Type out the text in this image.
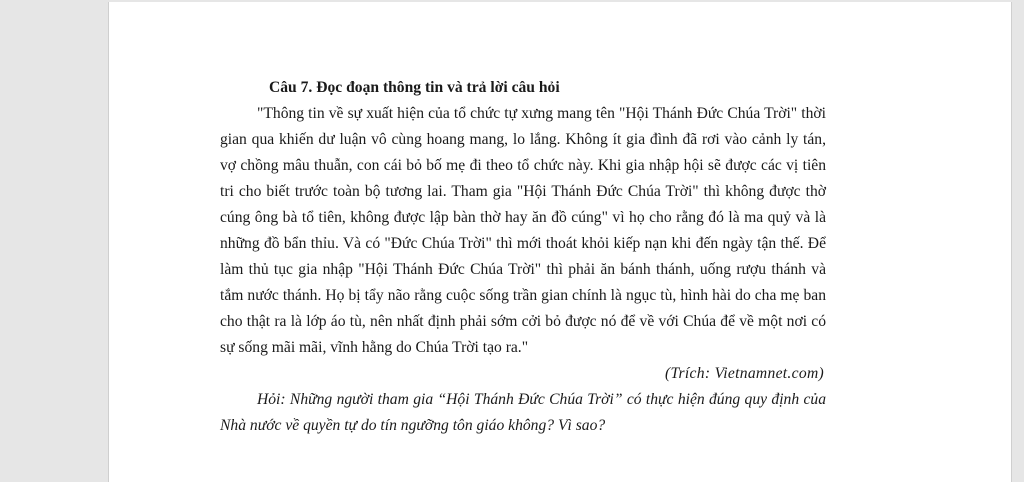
Câu 7. Đọc đoạn thông tin và trả lời câu hỏi

"Thông tin về sự xuất hiện của tổ chức tự xưng mang tên "Hội Thánh Đức Chúa Trời" thời gian qua khiến dư luận vô cùng hoang mang, lo lắng. Không ít gia đình đã rơi vào cảnh ly tán, vợ chồng mâu thuẫn, con cái bỏ bố mẹ đi theo tổ chức này. Khi gia nhập hội sẽ được các vị tiên tri cho biết trước toàn bộ tương lai. Tham gia "Hội Thánh Đức Chúa Trời" thì không được thờ cúng ông bà tổ tiên, không được lập bàn thờ hay ăn đồ cúng" vì họ cho rằng đó là ma quỷ và là những đồ bẩn thỉu. Và có "Đức Chúa Trời" thì mới thoát khỏi kiếp nạn khi đến ngày tận thế. Để làm thủ tục gia nhập "Hội Thánh Đức Chúa Trời" thì phải ăn bánh thánh, uống rượu thánh và tắm nước thánh. Họ bị tẩy não rằng cuộc sống trần gian chính là ngục tù, hình hài do cha mẹ ban cho thật ra là lớp áo tù, nên nhất định phải sớm cởi bỏ được nó để về với Chúa để về một nơi có sự sống mãi mãi, vĩnh hằng do Chúa Trời tạo ra."

(Trích: Vietnamnet.com)

Hỏi: Những người tham gia “Hội Thánh Đức Chúa Trời” có thực hiện đúng quy định của Nhà nước về quyền tự do tín ngưỡng tôn giáo không? Vì sao?
